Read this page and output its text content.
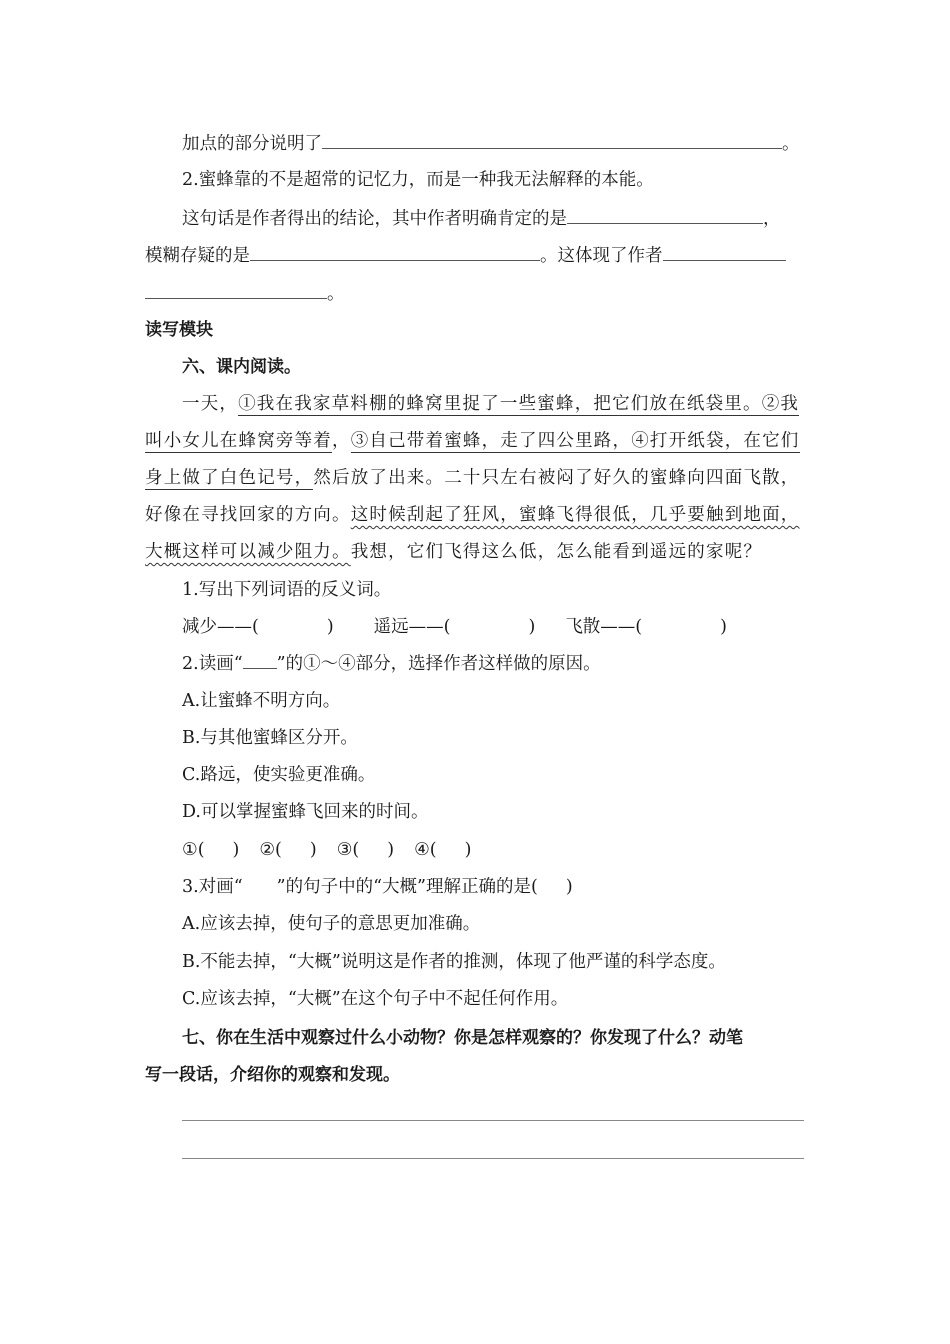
加点的部分说明了	。
2.蜜蜂靠的不是超常的记忆力，而是一种我无法解释的本能。
这句话是作者得出的结论，其中作者明确肯定的是	，
模糊存疑的是	。这体现了作者
。
读写模块
六、课内阅读。
一天，①我在我家草料棚的蜂窝里捉了一些蜜蜂，把它们放在纸袋里。②我
叫小女儿在蜂窝旁等着，③自己带着蜜蜂，走了四公里路，④打开纸袋，在它们
身上做了白色记号，然后放了出来。二十只左右被闷了好久的蜜蜂向四面飞散，
好像在寻找回家的方向。这时候刮起了狂风，蜜蜂飞得很低，几乎要触到地面，
大概这样可以减少阻力。我想，它们飞得这么低，怎么能看到遥远的家呢？
1.写出下列词语的反义词。
减少——(	) 遥远——(	) 飞散——(	)
2.读画“ ”的①～④部分，选择作者这样做的原因。
A.让蜜蜂不明方向。
B.与其他蜜蜂区分开。
C.路远，使实验更准确。
D.可以掌握蜜蜂飞回来的时间。
①( ) ②( ) ③( ) ④( )
3.对画“ ”的句子中的“大概”理解正确的是( )
A.应该去掉，使句子的意思更加准确。
B.不能去掉，“大概”说明这是作者的推测，体现了他严谨的科学态度。
C.应该去掉，“大概”在这个句子中不起任何作用。
七、你在生活中观察过什么小动物？你是怎样观察的？你发现了什么？动笔
写一段话，介绍你的观察和发现。
